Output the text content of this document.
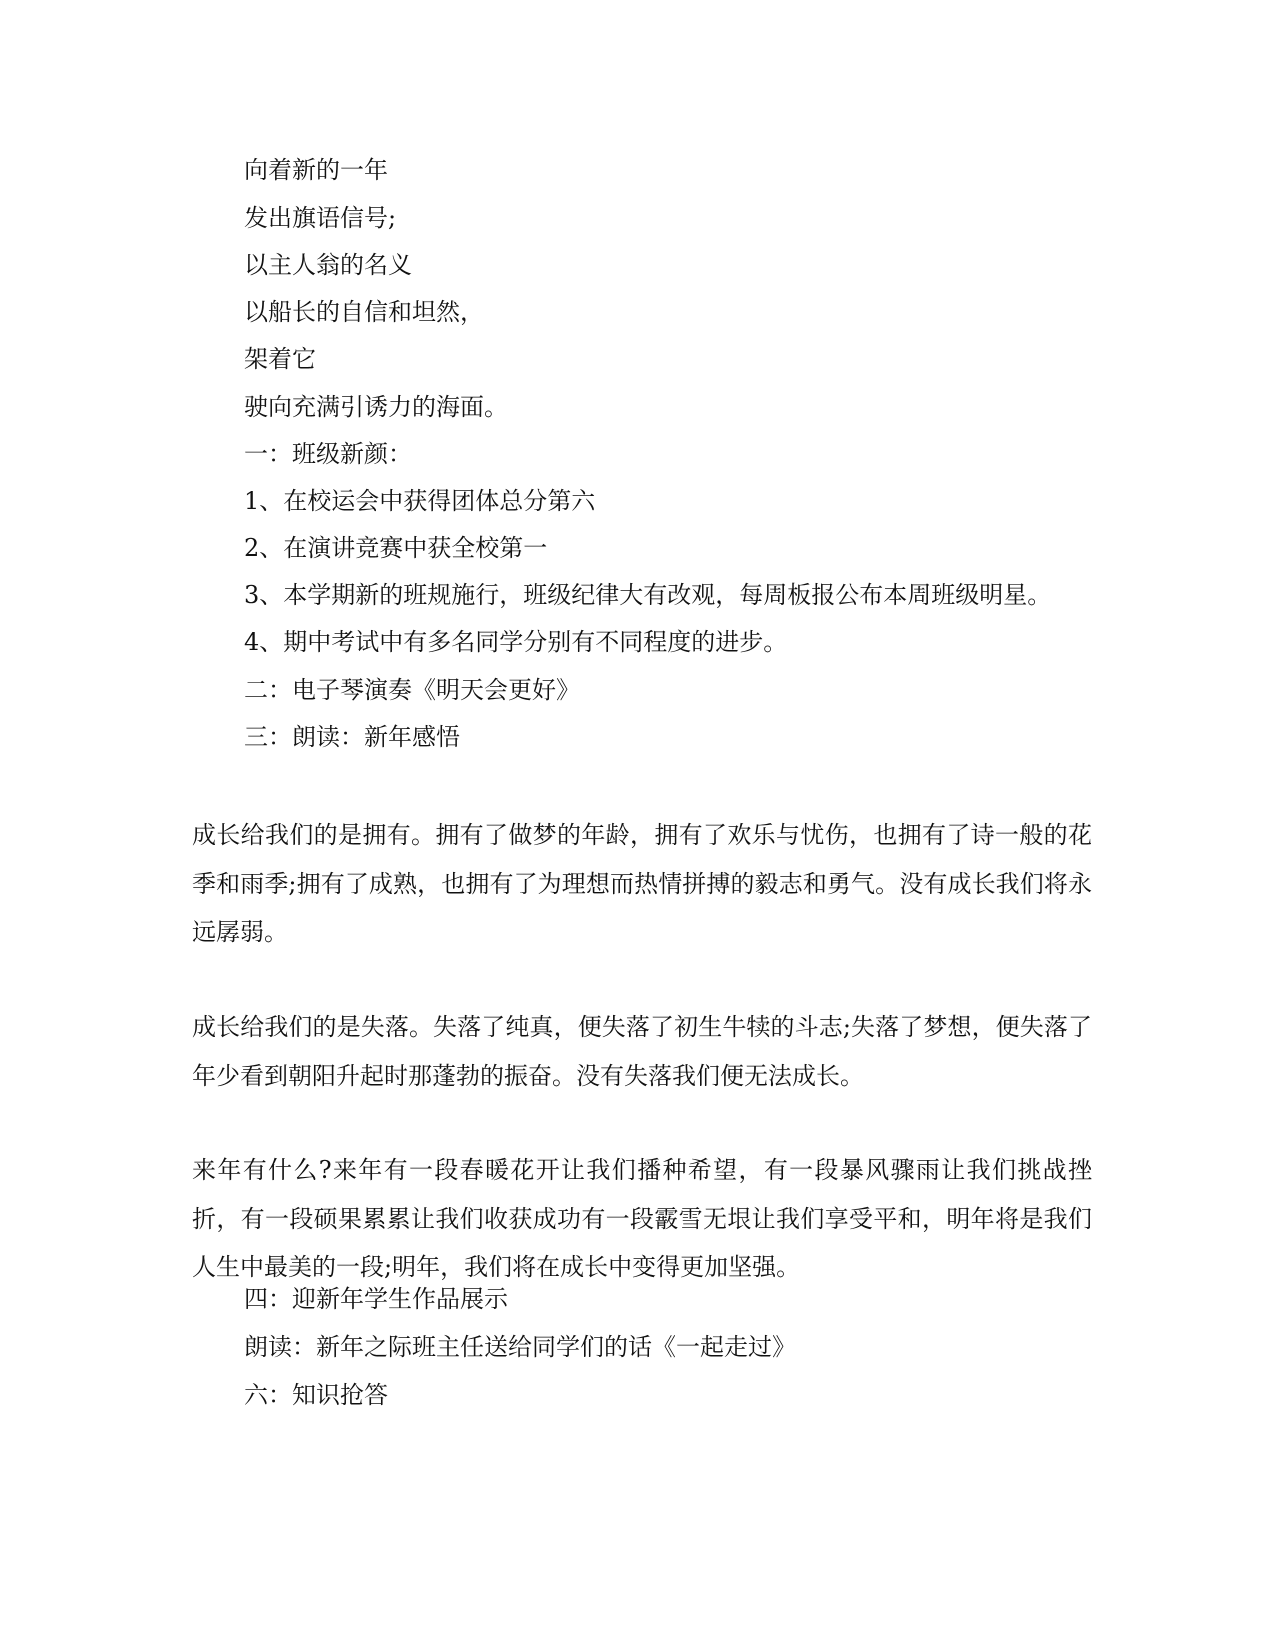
向着新的一年
发出旗语信号;
以主人翁的名义
以船长的自信和坦然，
架着它
驶向充满引诱力的海面。
一：班级新颜：
1、在校运会中获得团体总分第六
2、在演讲竞赛中获全校第一
3、本学期新的班规施行，班级纪律大有改观，每周板报公布本周班级明星。
4、期中考试中有多名同学分别有不同程度的进步。
二：电子琴演奏《明天会更好》
三：朗读：新年感悟
成长给我们的是拥有。拥有了做梦的年龄，拥有了欢乐与忧伤，也拥有了诗一般的花季和雨季;拥有了成熟，也拥有了为理想而热情拼搏的毅志和勇气。没有成长我们将永远孱弱。
成长给我们的是失落。失落了纯真，便失落了初生牛犊的斗志;失落了梦想，便失落了年少看到朝阳升起时那蓬勃的振奋。没有失落我们便无法成长。
来年有什么?来年有一段春暖花开让我们播种希望，有一段暴风骤雨让我们挑战挫折，有一段硕果累累让我们收获成功有一段霰雪无垠让我们享受平和，明年将是我们人生中最美的一段;明年，我们将在成长中变得更加坚强。
四：迎新年学生作品展示
朗读：新年之际班主任送给同学们的话《一起走过》
六：知识抢答
